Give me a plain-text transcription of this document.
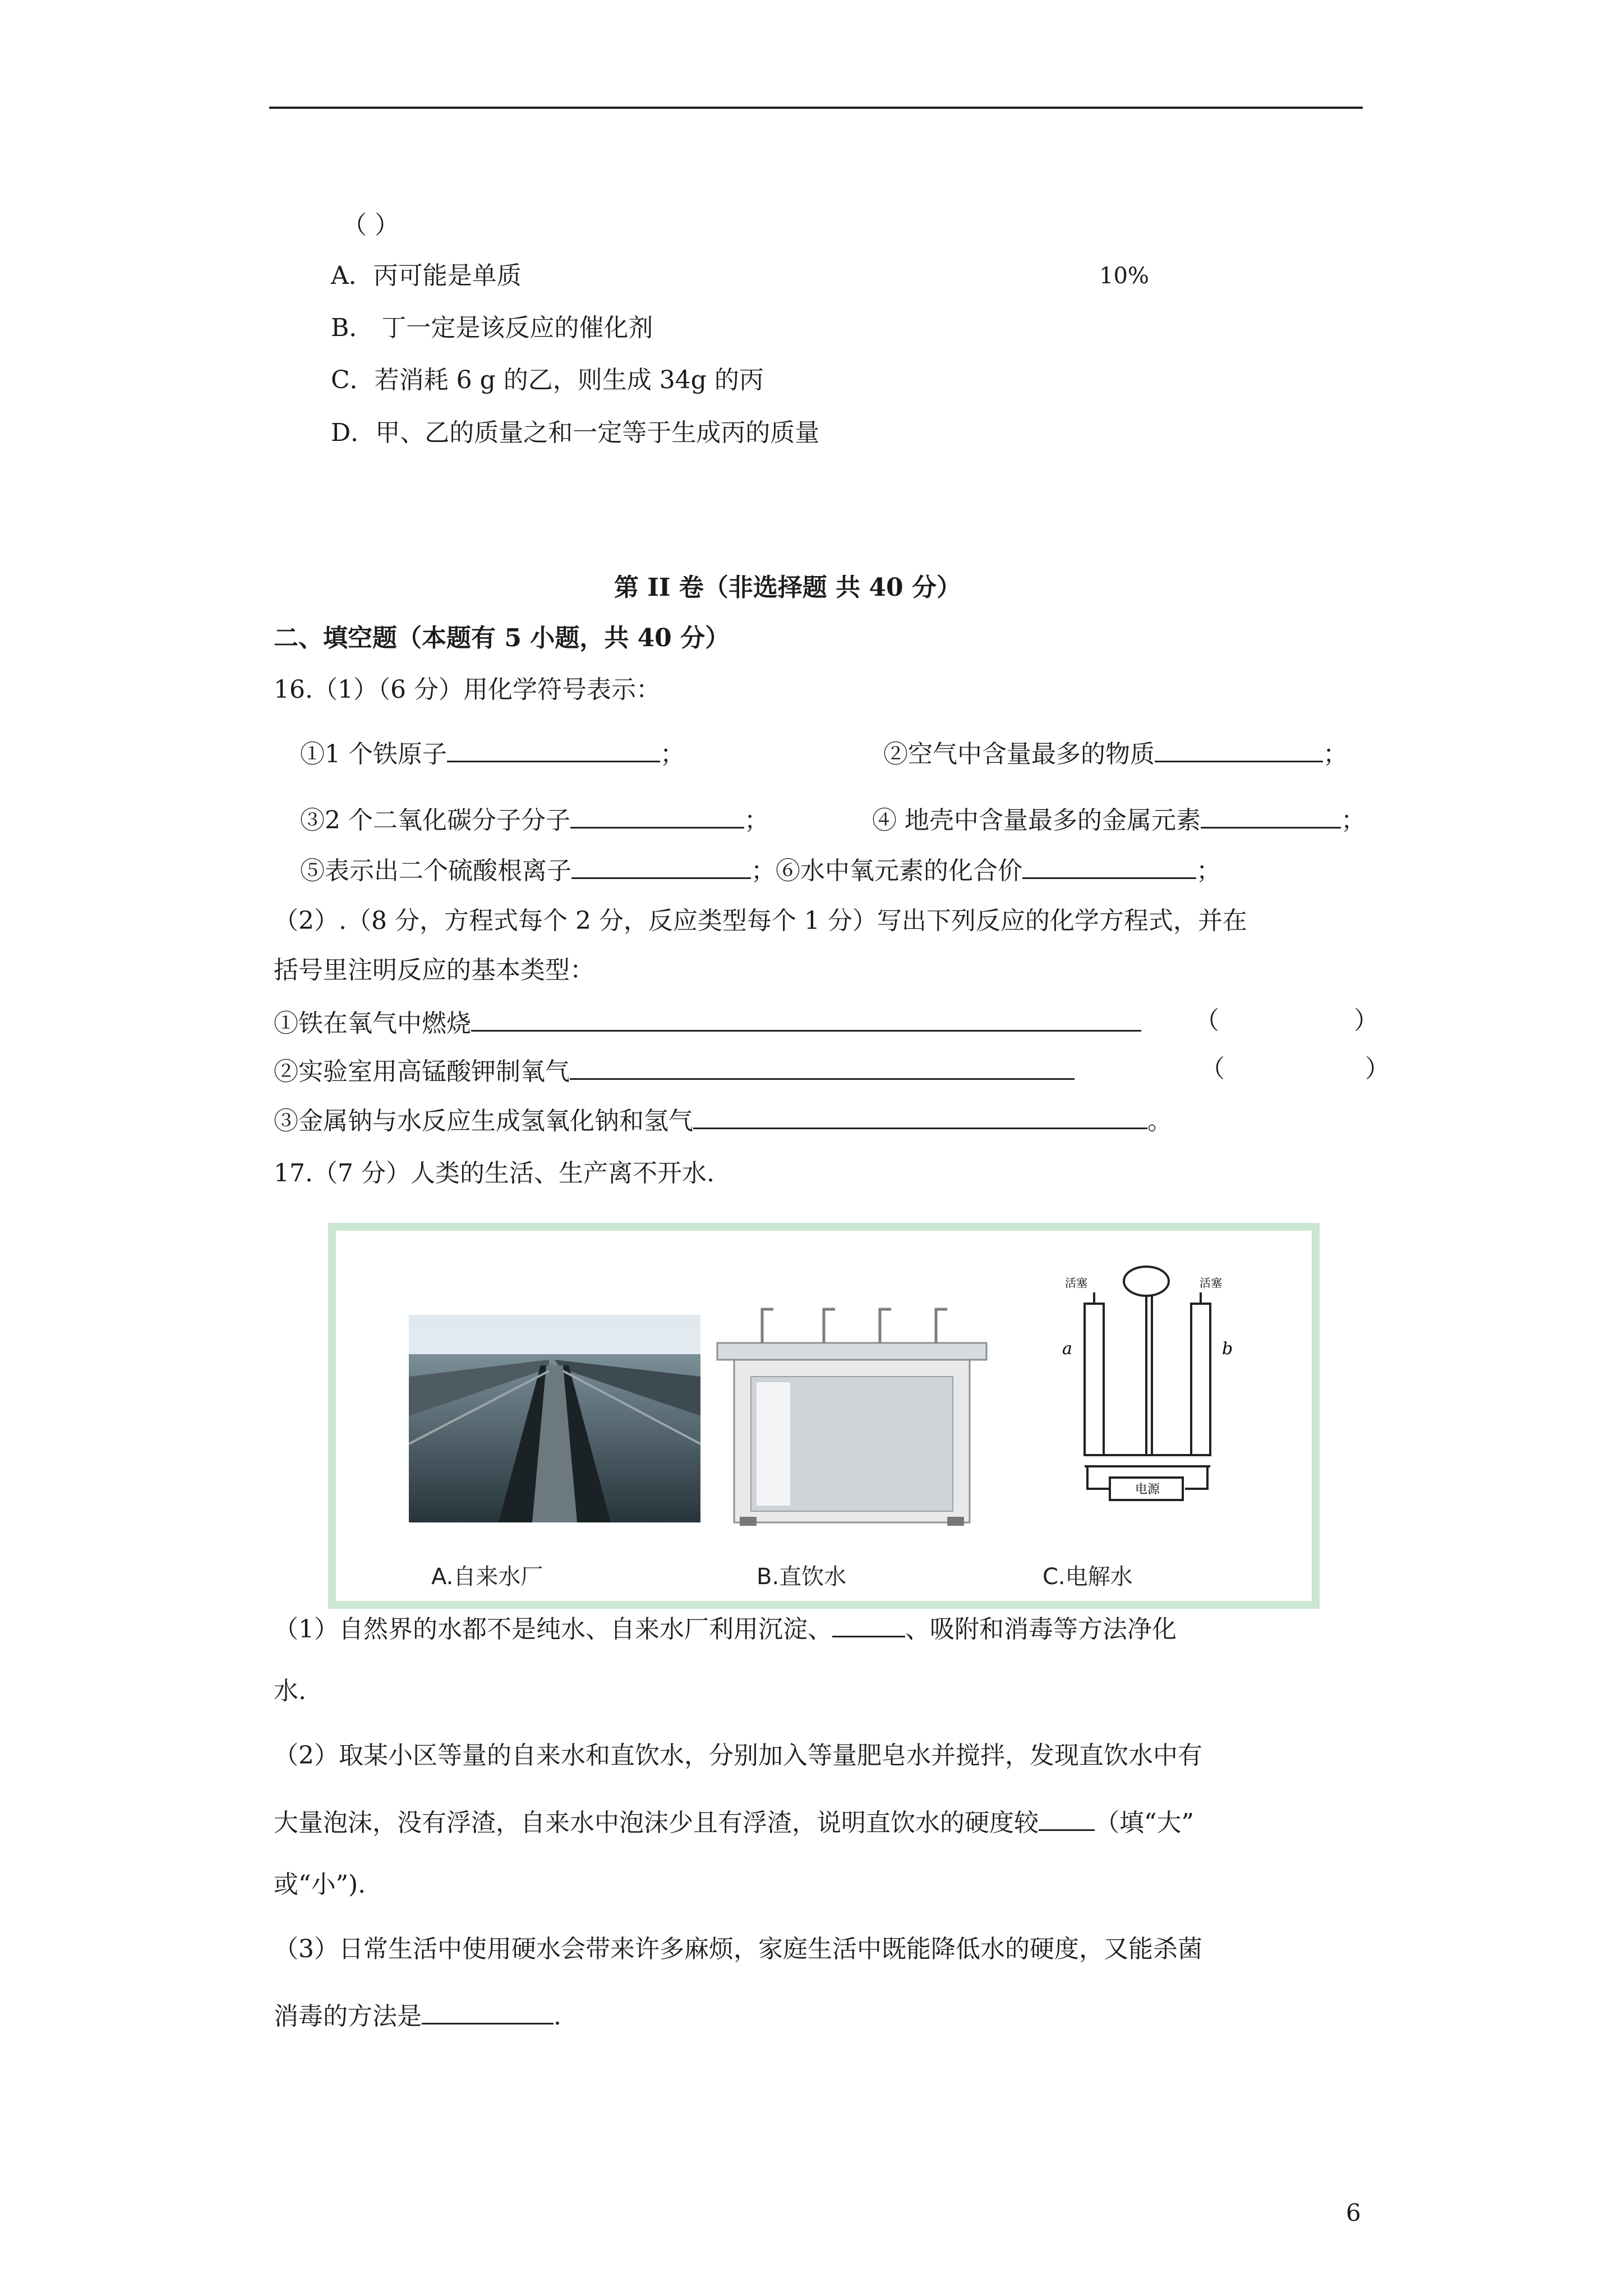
（ ）
A．丙可能是单质	10%
B． 丁一定是该反应的催化剂
C．若消耗 6 g 的乙，则生成 34g 的丙
D．甲、乙的质量之和一定等于生成丙的质量
第 II 卷（非选择题 共 40 分）
二、填空题（本题有 5 小题，共 40 分）
16.（1）（6 分）用化学符号表示：
①1 个铁原子	；	②空气中含量最多的物质	；
③2 个二氧化碳分子分子	；	④ 地壳中含量最多的金属元素	；
⑤表示出二个硫酸根离子	；⑥水中氧元素的化合价	；
（2）.（8 分，方程式每个 2 分，反应类型每个 1 分）写出下列反应的化学方程式，并在
括号里注明反应的基本类型：
①铁在氧气中燃烧	（	）
②实验室用高锰酸钾制氧气	（	）
③金属钠与水反应生成氢氧化钠和氢气	。
17.（7 分）人类的生活、生产离不开水.
a	b
活塞	活塞
电源
A.自来水厂	B.直饮水	C.电解水
（1）自然界的水都不是纯水、自来水厂利用沉淀、	、吸附和消毒等方法净化
水.
（2）取某小区等量的自来水和直饮水，分别加入等量肥皂水并搅拌，发现直饮水中有
大量泡沫，没有浮渣，自来水中泡沫少且有浮渣，说明直饮水的硬度较 （填“大”
或“小”).
（3）日常生活中使用硬水会带来许多麻烦，家庭生活中既能降低水的硬度，又能杀菌
消毒的方法是	.
6
